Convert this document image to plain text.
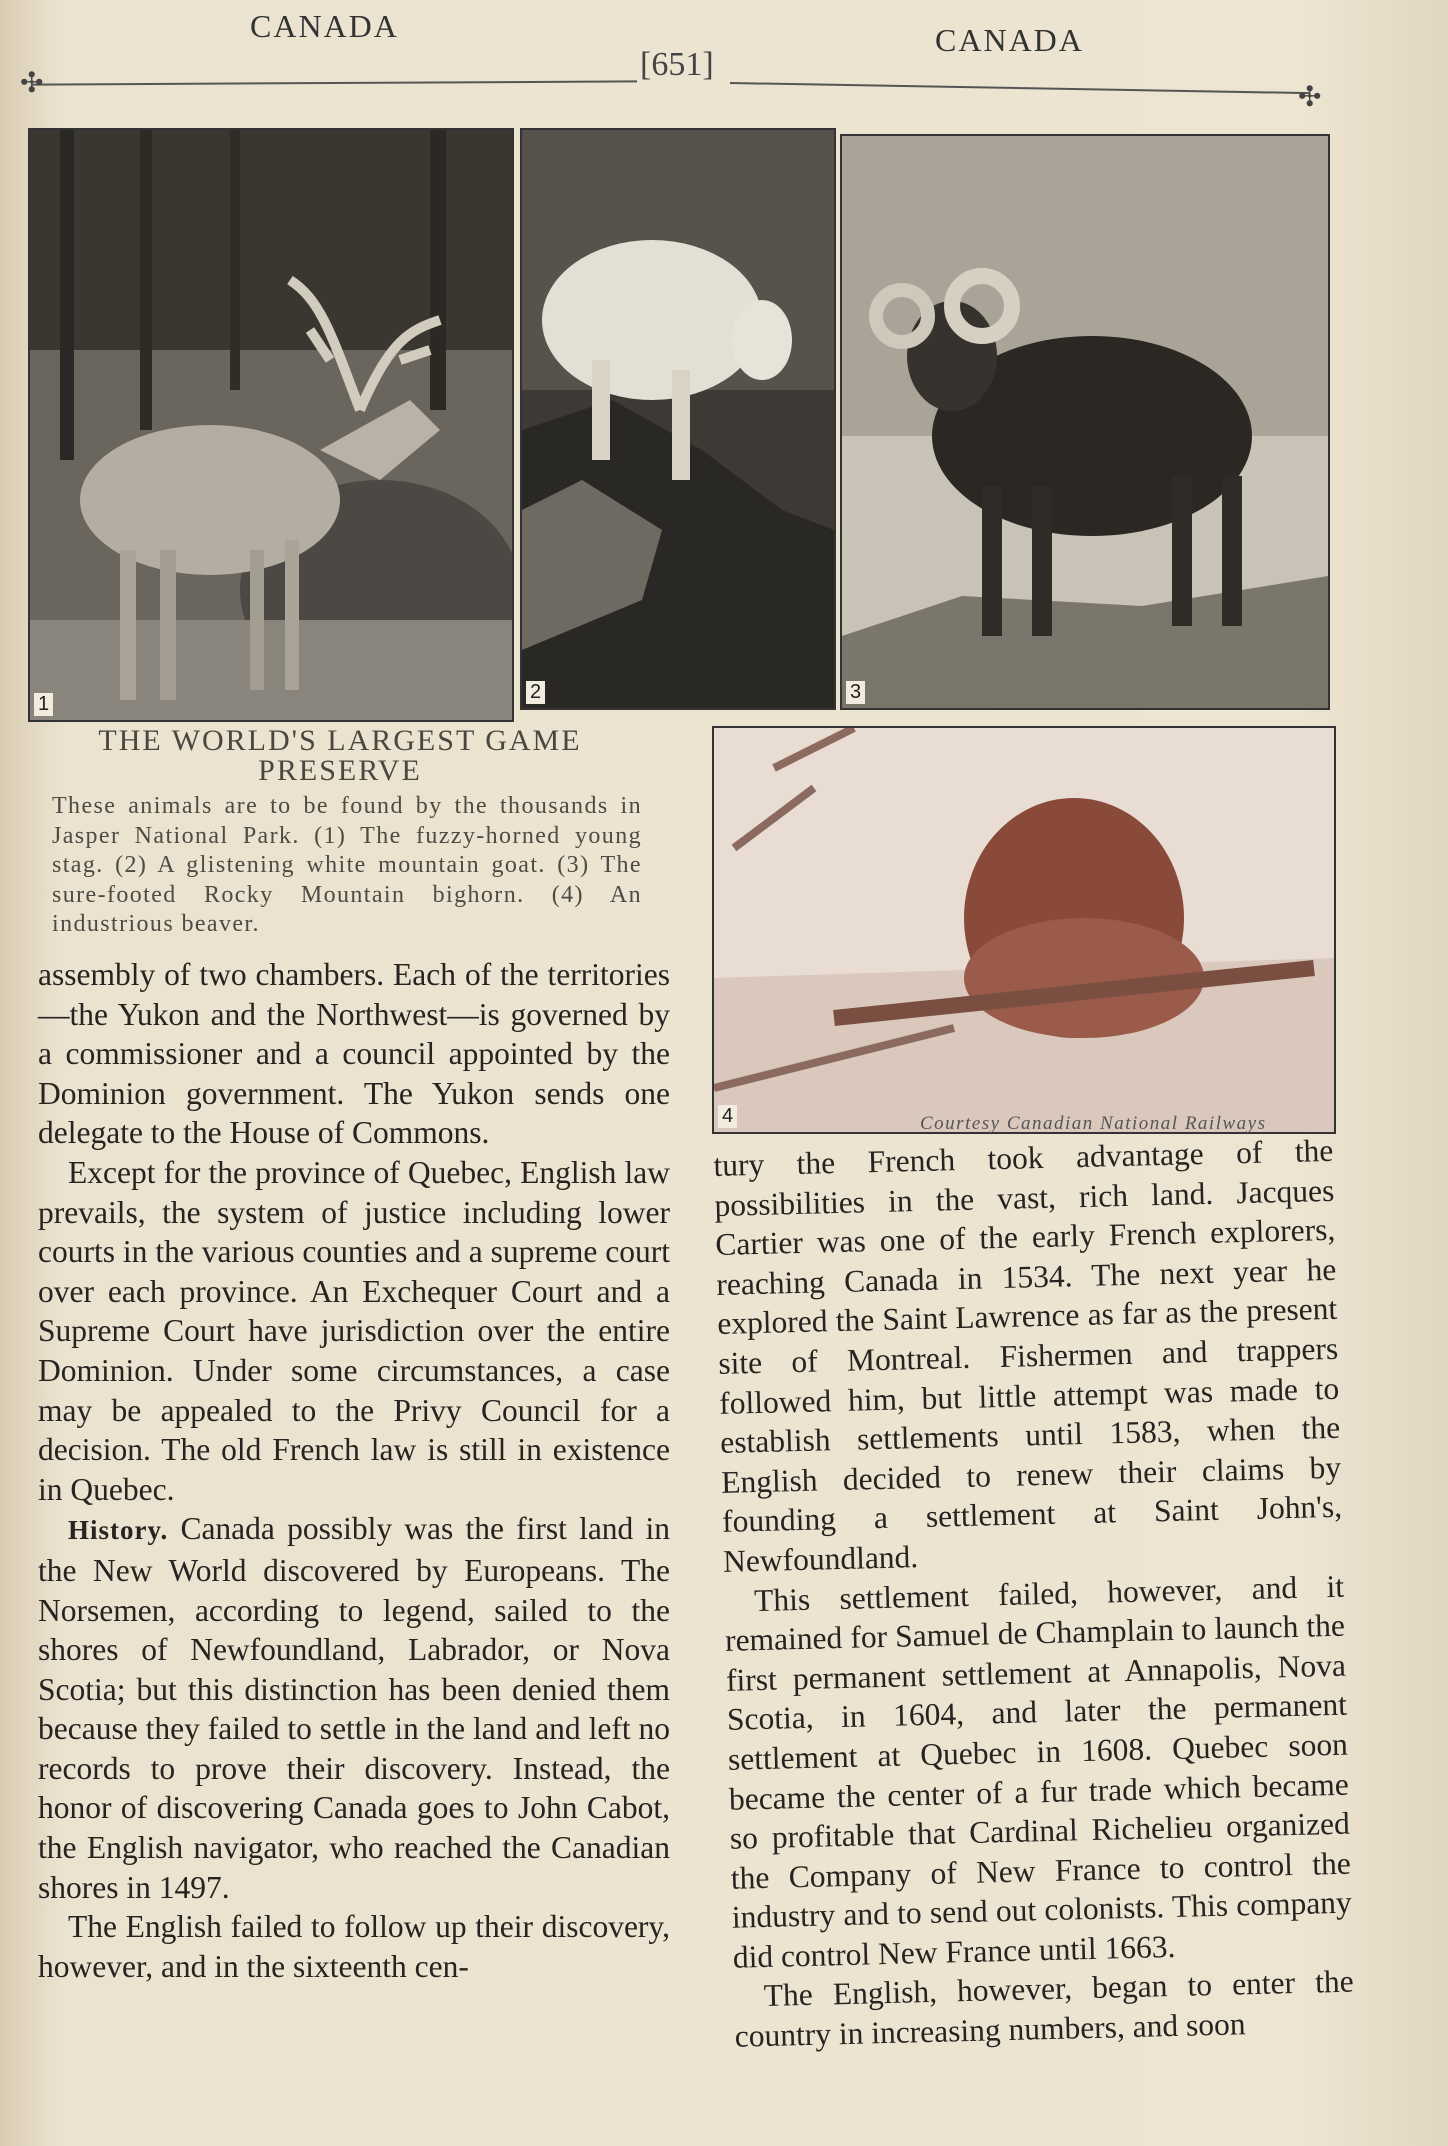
CANADA	CANADA
✣	✣
[651]
1
2	3
4
THE WORLD'S LARGEST GAME PRESERVE
These animals are to be found by the thousands in Jasper National Park. (1) The fuzzy-horned young stag. (2) A glistening white mountain goat. (3) The sure-footed Rocky Mountain bighorn. (4) An industrious beaver.
Courtesy Canadian National Railways

assembly of two chambers. Each of the territories—the Yukon and the Northwest—is governed by a commissioner and a council appointed by the Dominion government. The Yukon sends one delegate to the House of Commons.

Except for the province of Quebec, English law prevails, the system of justice including lower courts in the various counties and a supreme court over each province. An Exchequer Court and a Supreme Court have jurisdiction over the entire Dominion. Under some circumstances, a case may be appealed to the Privy Council for a decision. The old French law is still in existence in Quebec.

History. Canada possibly was the first land in the New World discovered by Europeans. The Norsemen, according to legend, sailed to the shores of Newfoundland, Labrador, or Nova Scotia; but this distinction has been denied them because they failed to settle in the land and left no records to prove their discovery. Instead, the honor of discovering Canada goes to John Cabot, the English navigator, who reached the Canadian shores in 1497.

The English failed to follow up their discovery, however, and in the sixteenth cen-

tury the French took advantage of the possibilities in the vast, rich land. Jacques Cartier was one of the early French explorers, reaching Canada in 1534. The next year he explored the Saint Lawrence as far as the present site of Montreal. Fishermen and trappers followed him, but little attempt was made to establish settlements until 1583, when the English decided to renew their claims by founding a settlement at Saint John's, Newfoundland.

This settlement failed, however, and it remained for Samuel de Champlain to launch the first permanent settlement at Annapolis, Nova Scotia, in 1604, and later the permanent settlement at Quebec in 1608. Quebec soon became the center of a fur trade which became so profitable that Cardinal Richelieu organized the Company of New France to control the industry and to send out colonists. This company did control New France until 1663.

The English, however, began to enter the country in increasing numbers, and soon
